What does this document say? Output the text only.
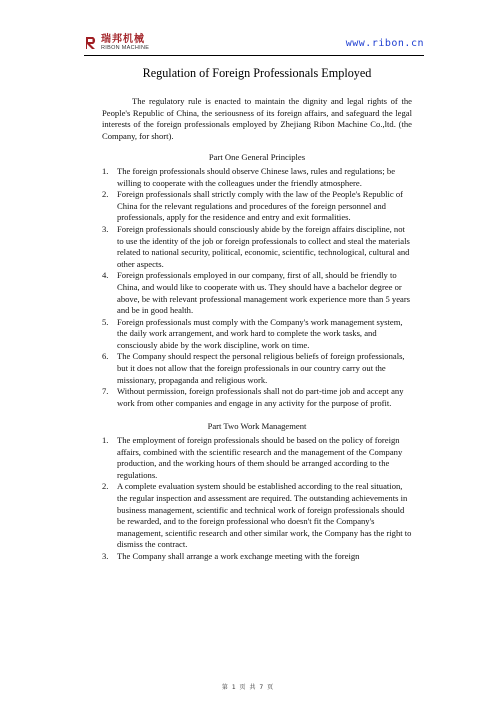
瑞邦机械
RIBON MACHINE	www.ribon.cn
Regulation of Foreign Professionals Employed

The regulatory rule is enacted to maintain the dignity and legal rights of the People's Republic of China, the seriousness of its foreign affairs, and safeguard the legal interests of the foreign professionals employed by Zhejiang Ribon Machine Co.,ltd. (the Company, for short).

Part One General Principles
1. The foreign professionals should observe Chinese laws, rules and regulations; be willing to cooperate with the colleagues under the friendly atmosphere.
2. Foreign professionals shall strictly comply with the law of the People's Republic of China for the relevant regulations and procedures of the foreign personnel and professionals, apply for the residence and entry and exit formalities.
3. Foreign professionals should consciously abide by the foreign affairs discipline, not to use the identity of the job or foreign professionals to collect and steal the materials related to national security, political, economic, scientific, technological, cultural and other aspects.
4. Foreign professionals employed in our company, first of all, should be friendly to China, and would like to cooperate with us. They should have a bachelor degree or above, be with relevant professional management work experience more than 5 years and be in good health.
5. Foreign professionals must comply with the Company's work management system, the daily work arrangement, and work hard to complete the work tasks, and consciously abide by the work discipline, work on time.
6. The Company should respect the personal religious beliefs of foreign professionals, but it does not allow that the foreign professionals in our country carry out the missionary, propaganda and religious work.
7. Without permission, foreign professionals shall not do part-time job and accept any work from other companies and engage in any activity for the purpose of profit.
Part Two Work Management
1. The employment of foreign professionals should be based on the policy of foreign affairs, combined with the scientific research and the management of the Company production, and the working hours of them should be arranged according to the regulations.
2. A complete evaluation system should be established according to the real situation, the regular inspection and assessment are required. The outstanding achievements in business management, scientific and technical work of foreign professionals should be rewarded, and to the foreign professional who doesn't fit the Company's management, scientific research and other similar work, the Company has the right to dismiss the contract.
3. The Company shall arrange a work exchange meeting with the foreign
第 1 页 共 7 页
